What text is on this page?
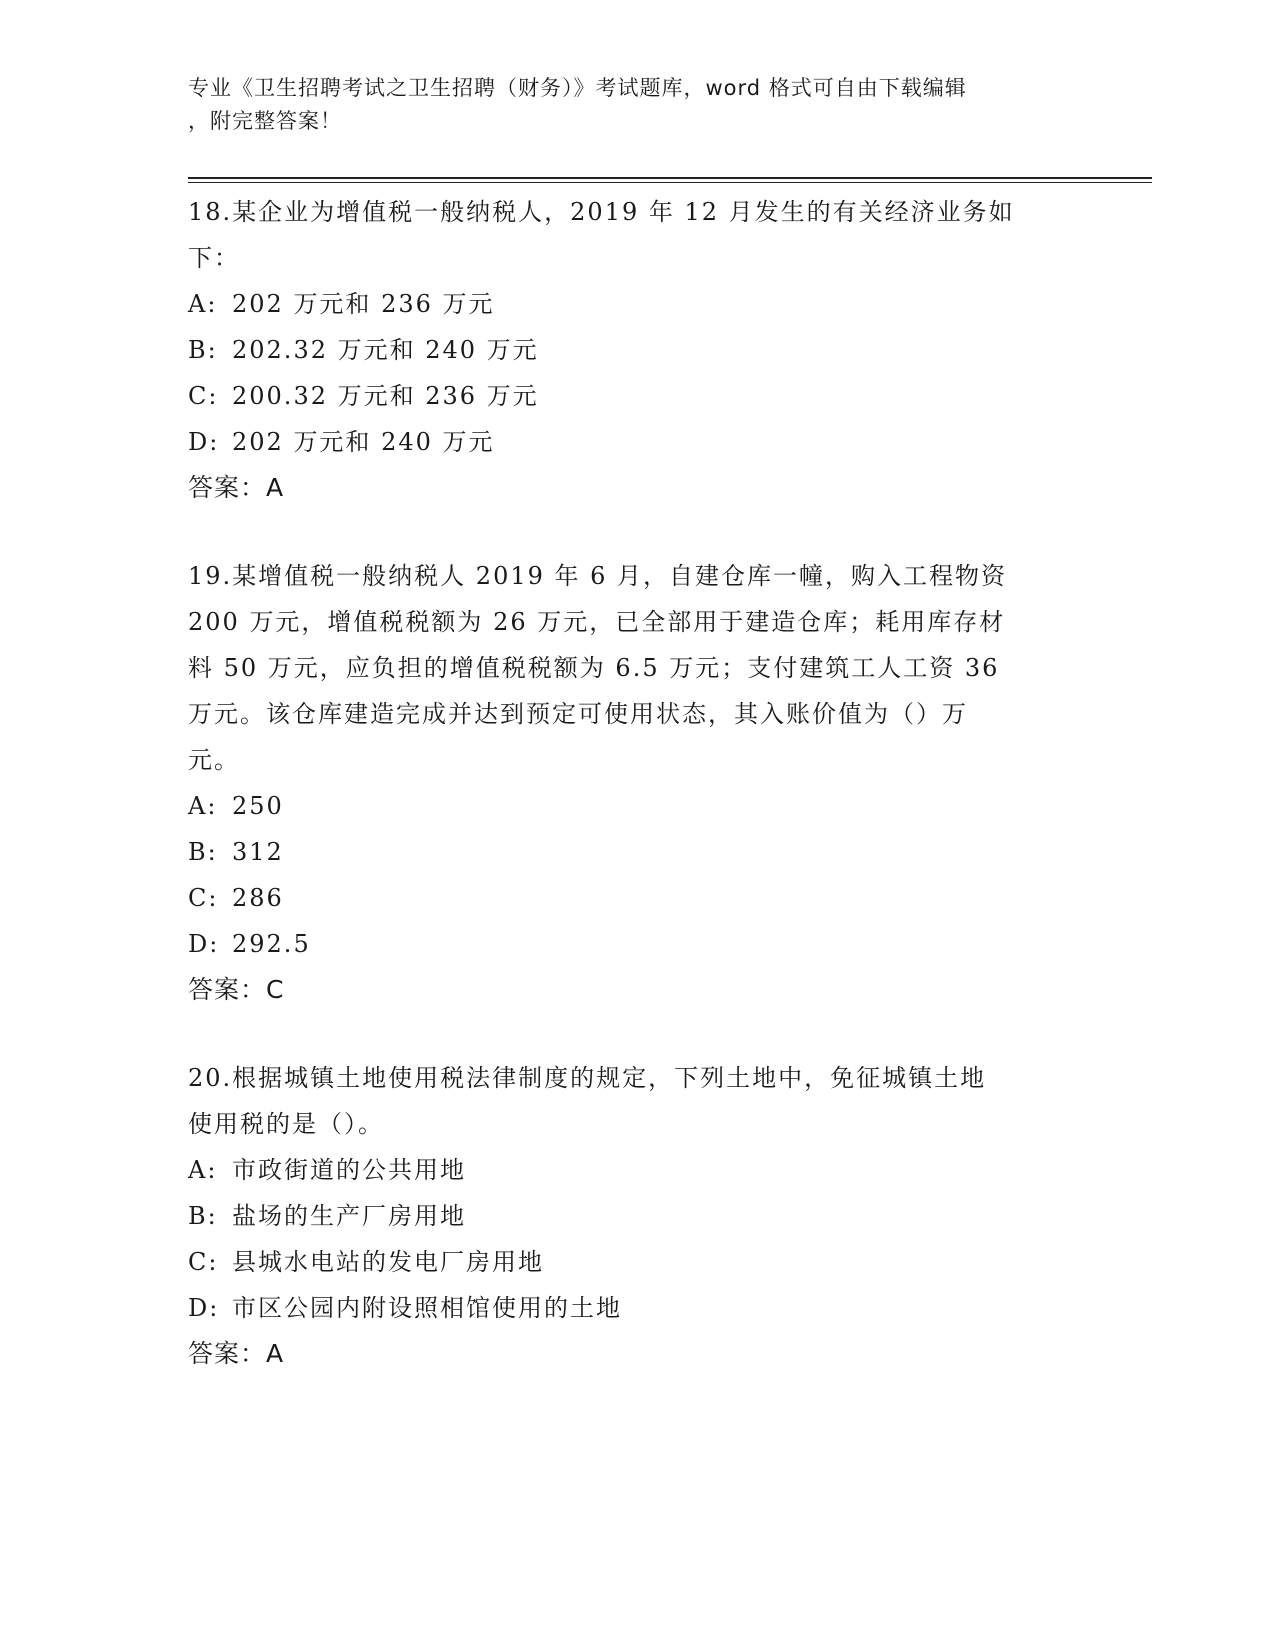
专业《卫生招聘考试之卫生招聘（财务）》考试题库，word 格式可自由下载编辑
，附完整答案！
18.某企业为增值税一般纳税人，2019 年 12 月发生的有关经济业务如
下：
A: 202 万元和 236 万元
B: 202.32 万元和 240 万元
C: 200.32 万元和 236 万元
D: 202 万元和 240 万元
答案：A
19.某增值税一般纳税人 2019 年 6 月，自建仓库一幢，购入工程物资
200 万元，增值税税额为 26 万元，已全部用于建造仓库；耗用库存材
料 50 万元，应负担的增值税税额为 6.5 万元；支付建筑工人工资 36
万元。该仓库建造完成并达到预定可使用状态，其入账价值为（）万
元。
A: 250
B: 312
C: 286
D: 292.5
答案：C
20.根据城镇土地使用税法律制度的规定，下列土地中，免征城镇土地
使用税的是（）。
A: 市政街道的公共用地
B: 盐场的生产厂房用地
C: 县城水电站的发电厂房用地
D: 市区公园内附设照相馆使用的土地
答案：A
